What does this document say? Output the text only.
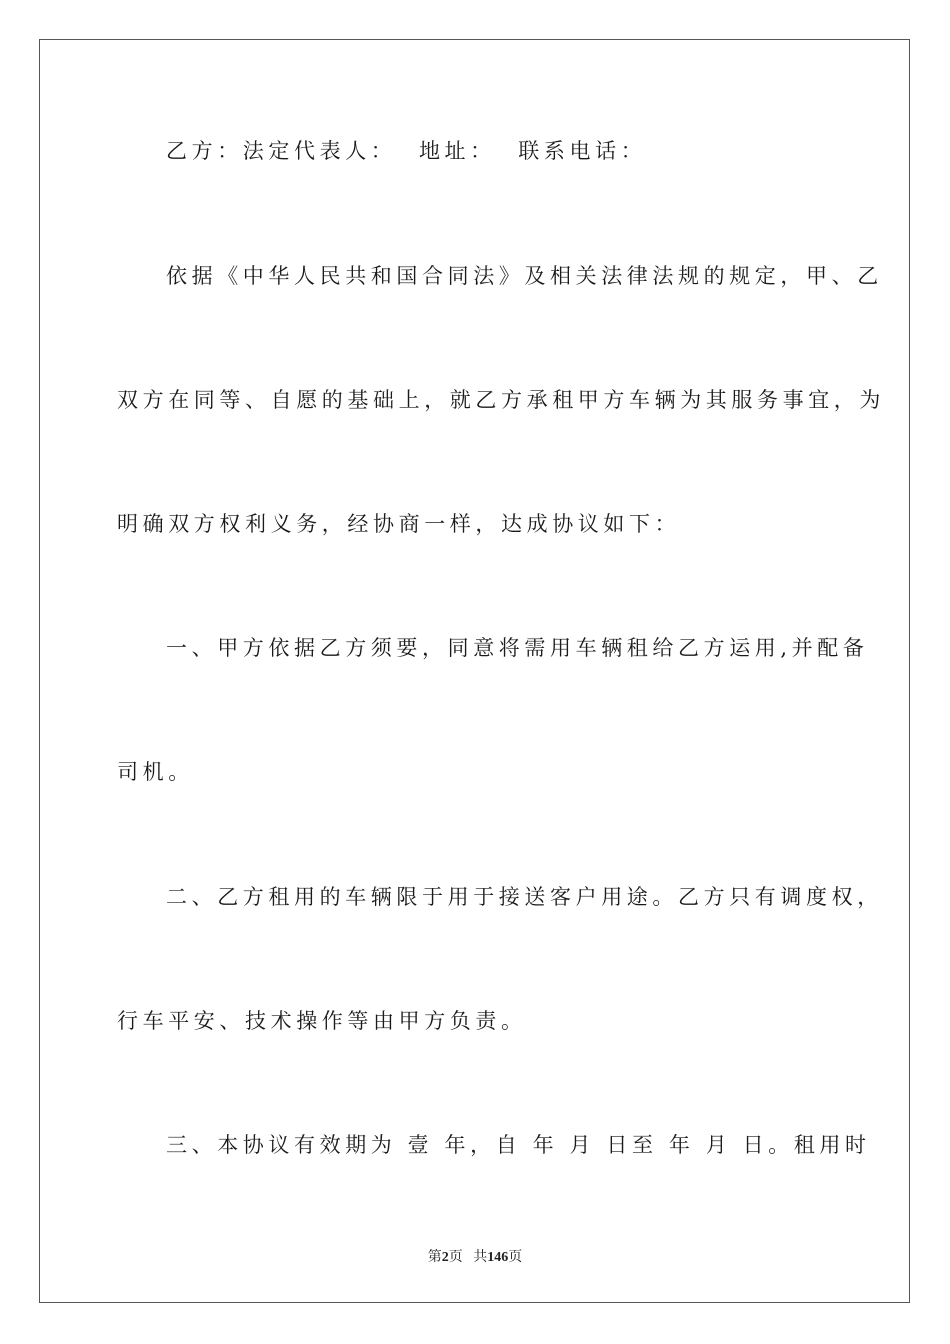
乙方：法定代表人：  地址：  联系电话：
依据《中华人民共和国合同法》及相关法律法规的规定，甲、乙
双方在同等、自愿的基础上，就乙方承租甲方车辆为其服务事宜，为
明确双方权利义务，经协商一样，达成协议如下：
一、甲方依据乙方须要，同意将需用车辆租给乙方运用,并配备
司机。
二、乙方租用的车辆限于用于接送客户用途。乙方只有调度权，
行车平安、技术操作等由甲方负责。
三、本协议有效期为 壹 年，自 年 月 日至 年 月 日。租用时
第2页 共146页
